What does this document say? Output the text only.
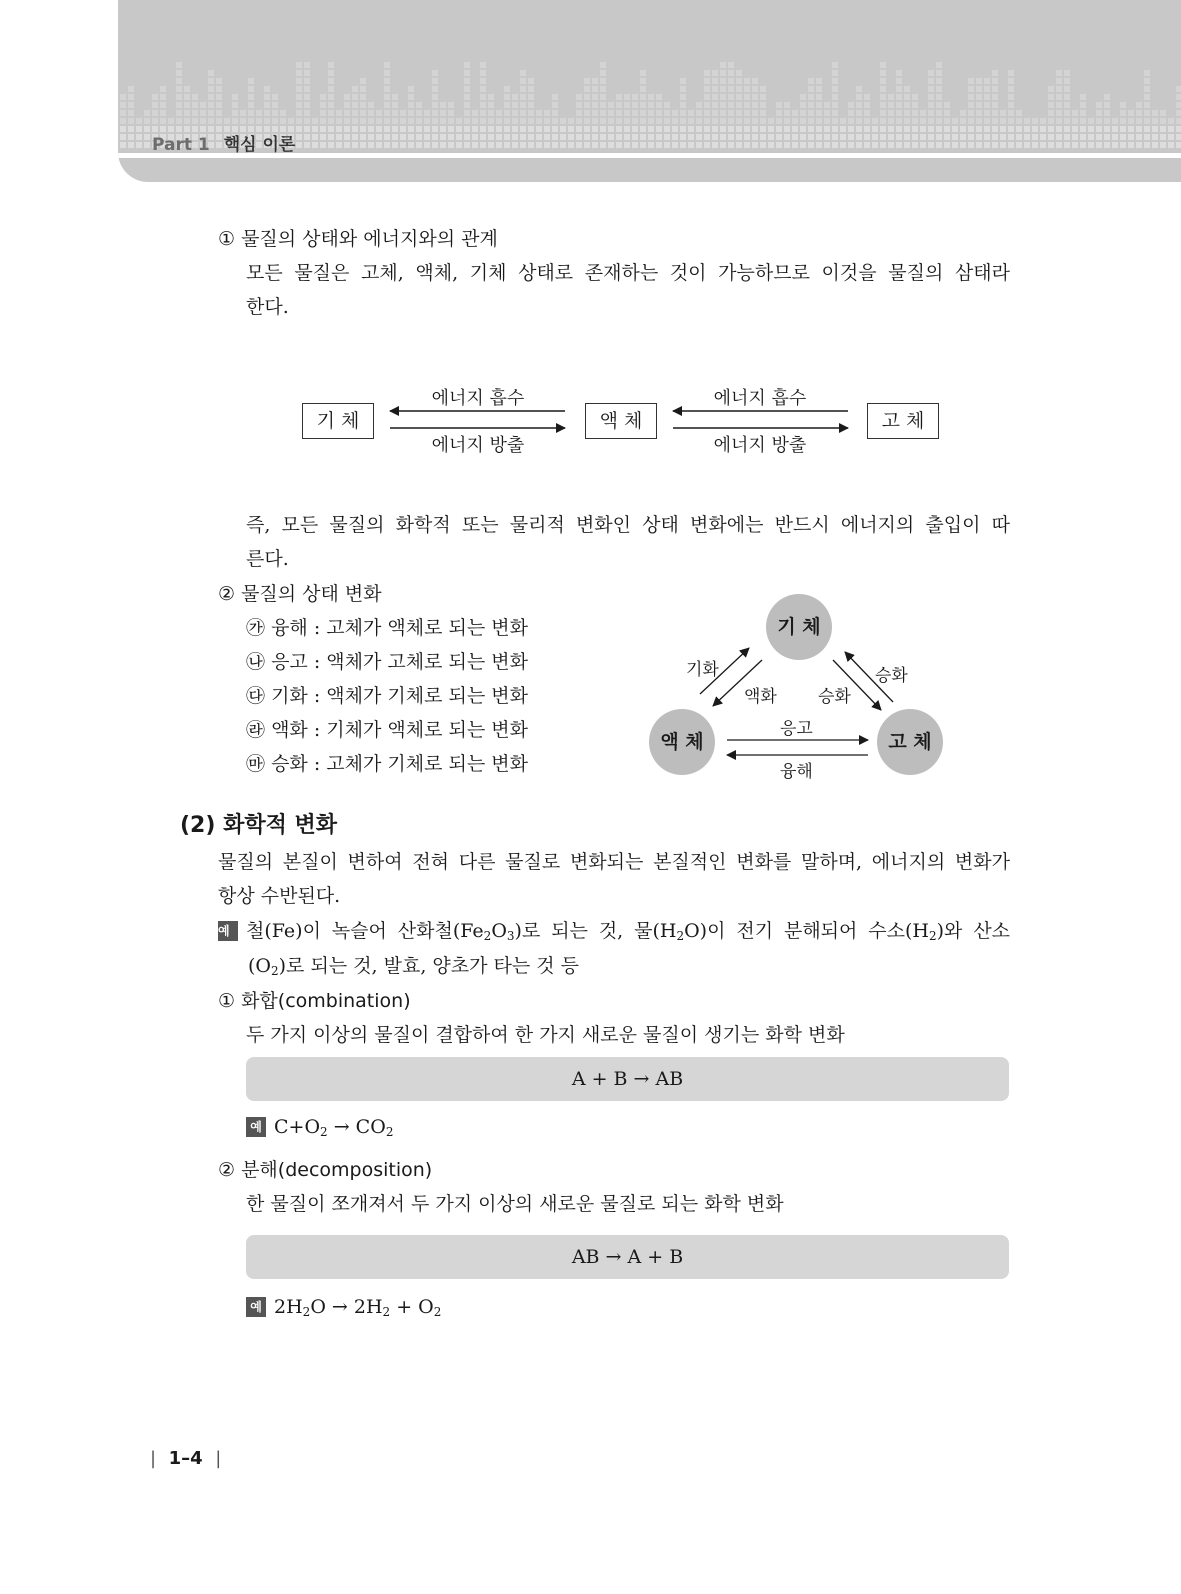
Part 1 핵심 이론
① 물질의 상태와 에너지와의 관계
모든 물질은 고체, 액체, 기체 상태로 존재하는 것이 가능하므로 이것을 물질의 삼태라
한다.
기 체	액 체	고 체
에너지 흡수
에너지 방출
에너지 흡수
에너지 방출
즉, 모든 물질의 화학적 또는 물리적 변화인 상태 변화에는 반드시 에너지의 출입이 따
른다.
② 물질의 상태 변화
㉮ 융해 : 고체가 액체로 되는 변화
㉯ 응고 : 액체가 고체로 되는 변화
㉰ 기화 : 액체가 기체로 되는 변화
㉱ 액화 : 기체가 액체로 되는 변화
㉲ 승화 : 고체가 기체로 되는 변화
기 체
액 체	고 체
기화
액화
승화
승화
응고
융해
(2) 화학적 변화
물질의 본질이 변하여 전혀 다른 물질로 변화되는 본질적인 변화를 말하며, 에너지의 변화가
항상 수반된다.
예 철(Fe)이 녹슬어 산화철$(Fe_2O_3)$로 되는 것, 물$(H_2O)$이 전기 분해되어 수소$(H_2)$와 산소
$(O_2)$로 되는 것, 발효, 양초가 타는 것 등
① 화합(combination)
두 가지 이상의 물질이 결합하여 한 가지 새로운 물질이 생기는 화학 변화
A + B → AB
예 $C+O_2 \to CO_2$
② 분해(decomposition)
한 물질이 쪼개져서 두 가지 이상의 새로운 물질로 되는 화학 변화
AB → A + B
예 $2H_2O \to 2H_2 + O_2$
| 1–4 |
